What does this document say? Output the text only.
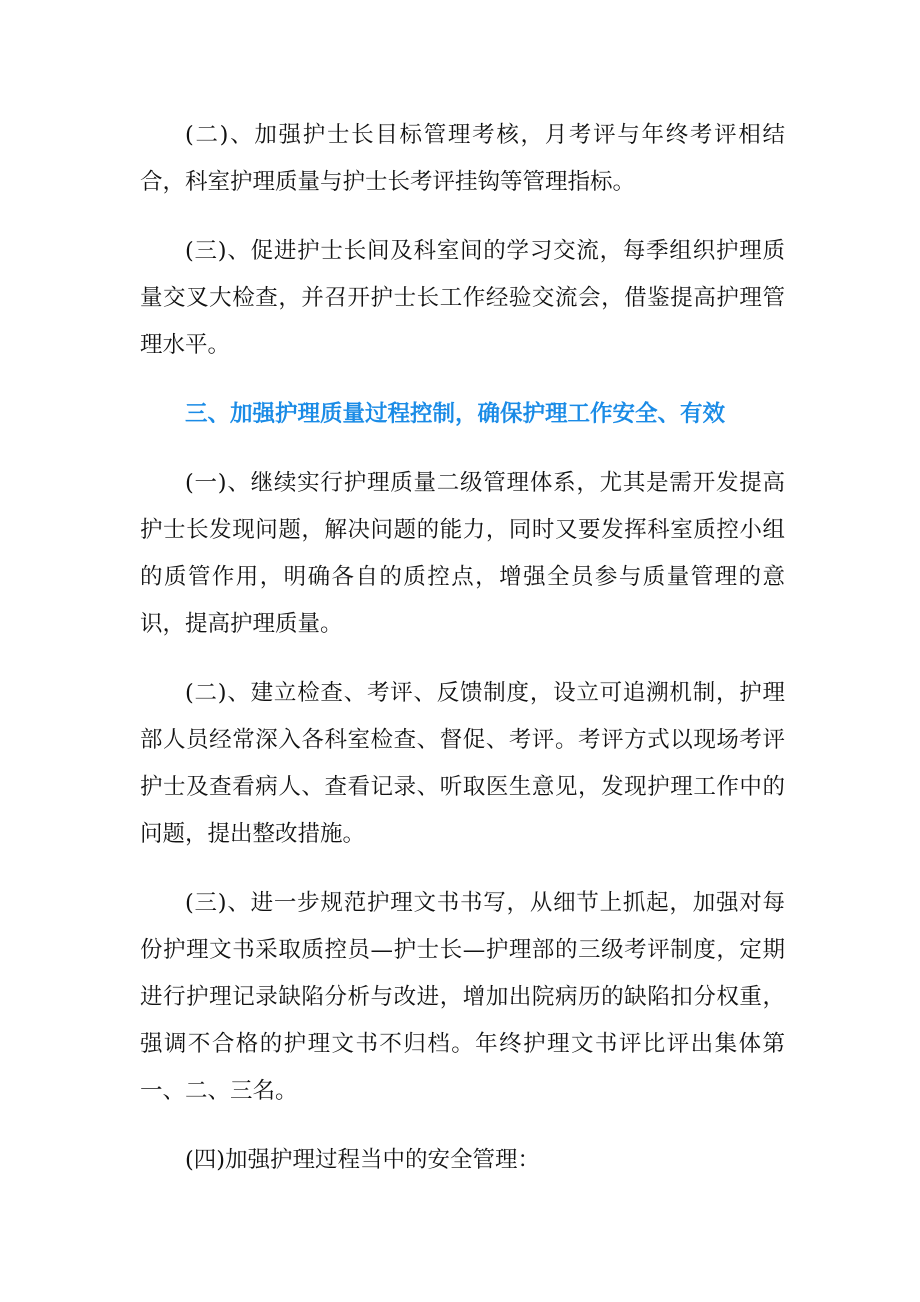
(二)、加强护士长目标管理考核，月考评与年终考评相结合，科室护理质量与护士长考评挂钩等管理指标。

(三)、促进护士长间及科室间的学习交流，每季组织护理质量交叉大检查，并召开护士长工作经验交流会，借鉴提高护理管理水平。

三、加强护理质量过程控制，确保护理工作安全、有效

(一)、继续实行护理质量二级管理体系，尤其是需开发提高护士长发现问题，解决问题的能力，同时又要发挥科室质控小组的质管作用，明确各自的质控点，增强全员参与质量管理的意识，提高护理质量。

(二)、建立检查、考评、反馈制度，设立可追溯机制，护理部人员经常深入各科室检查、督促、考评。考评方式以现场考评护士及查看病人、查看记录、听取医生意见，发现护理工作中的问题，提出整改措施。

(三)、进一步规范护理文书书写，从细节上抓起，加强对每份护理文书采取质控员—护士长—护理部的三级考评制度，定期进行护理记录缺陷分析与改进，增加出院病历的缺陷扣分权重，强调不合格的护理文书不归档。年终护理文书评比评出集体第一、二、三名。

(四)加强护理过程当中的安全管理：
